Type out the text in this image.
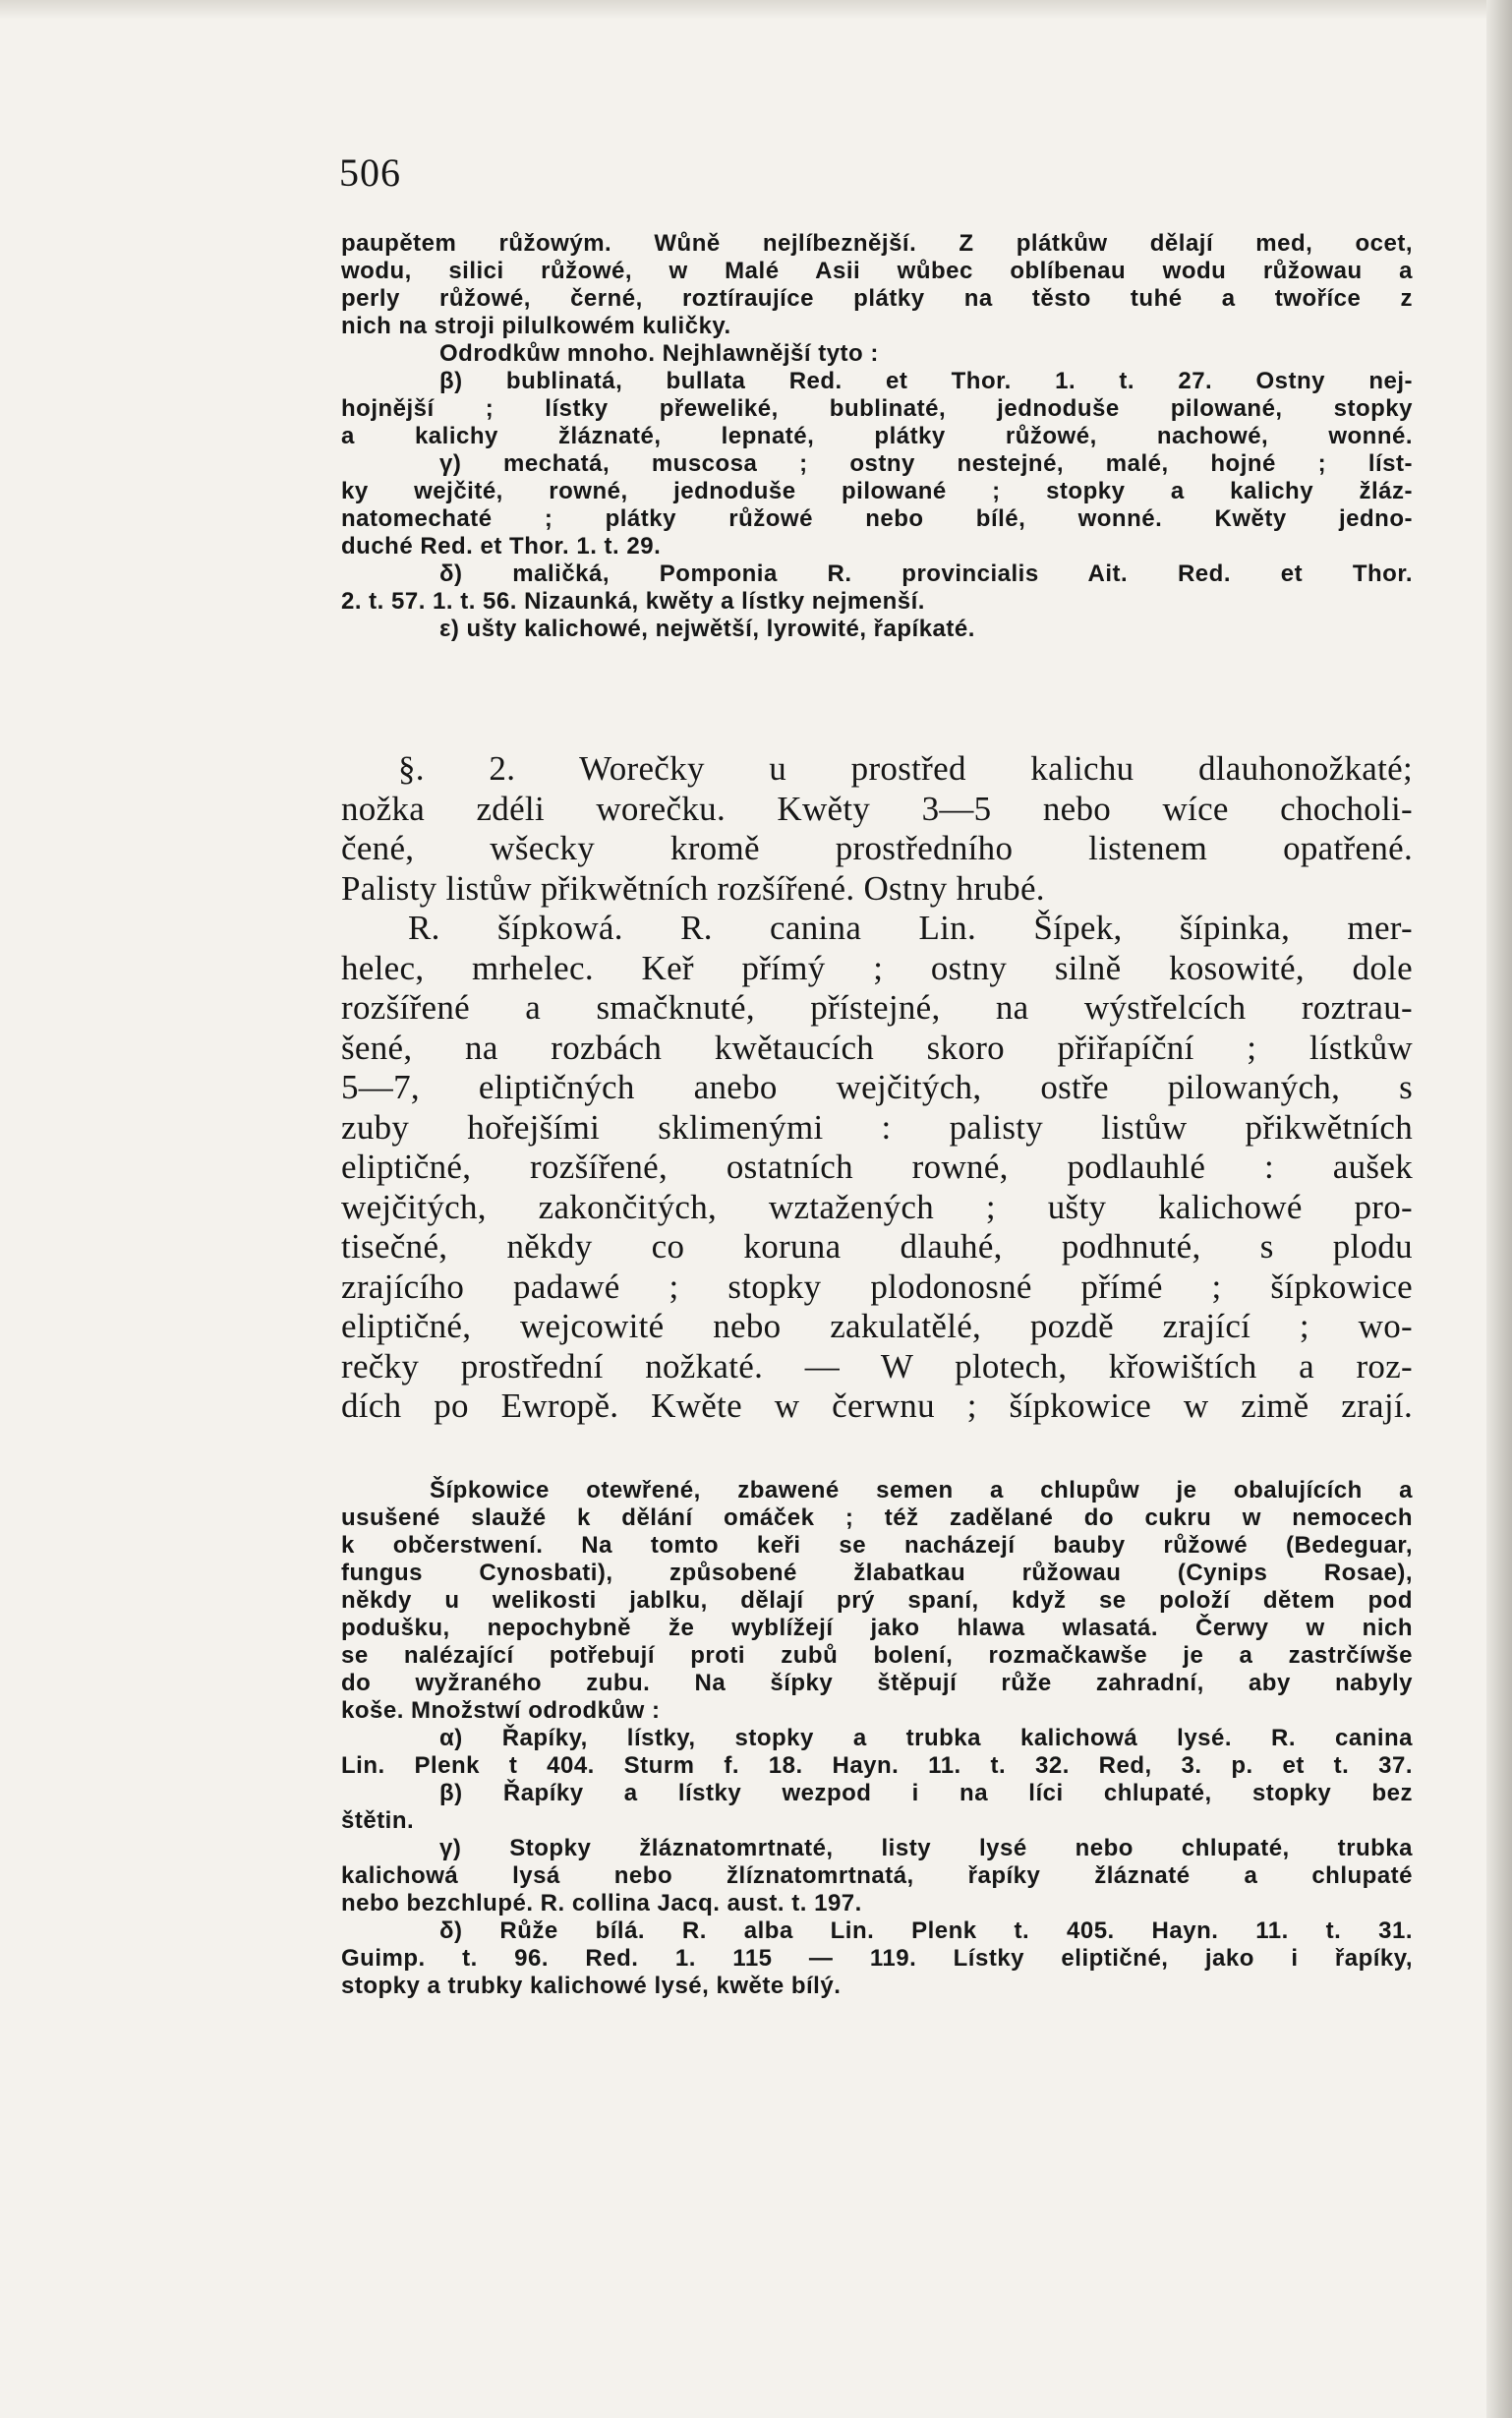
506
paupětem růžowým. Wůně nejlíbeznější. Z plátkůw dělají med, ocet,
wodu, silici růžowé, w Malé Asii wůbec oblíbenau wodu růžowau a
perly růžowé, černé, roztíraujíce plátky na těsto tuhé a twoříce z
nich na stroji pilulkowém kuličky.
Odrodkůw mnoho. Nejhlawnější tyto :
β) bublinatá, bullata Red. et Thor. 1. t. 27. Ostny nej-
hojnější ; lístky přeweliké, bublinaté, jednoduše pilowané, stopky
a kalichy žláznaté, lepnaté, plátky růžowé, nachowé, wonné.
γ) mechatá, muscosa ; ostny nestejné, malé, hojné ; líst-
ky wejčité, rowné, jednoduše pilowané ; stopky a kalichy žláz-
natomechaté ; plátky růžowé nebo bílé, wonné. Kwěty jedno-
duché Red. et Thor. 1. t. 29.
δ) maličká, Pomponia R. provincialis Ait. Red. et Thor.
2. t. 57. 1. t. 56. Nizaunká, kwěty a lístky nejmenší.
ε) ušty kalichowé, nejwětší, lyrowité, řapíkaté.
§. 2. Worečky u prostřed kalichu dlauhonožkaté;
nožka zdéli worečku. Kwěty 3—5 nebo wíce chocholi-
čené, wšecky kromě prostředního listenem opatřené.
Palisty listůw přikwětních rozšířené. Ostny hrubé.
R. šípkowá. R. canina Lin. Šípek, šípinka, mer-
helec, mrhelec. Keř přímý ; ostny silně kosowité, dole
rozšířené a smačknuté, přístejné, na wýstřelcích roztrau-
šené, na rozbách kwětaucích skoro přiřapíční ; lístkůw
5—7, eliptičných anebo wejčitých, ostře pilowaných, s
zuby hořejšími sklimenými : palisty listůw přikwětních
eliptičné, rozšířené, ostatních rowné, podlauhlé : aušek
wejčitých, zakončitých, wztažených ; ušty kalichowé pro-
tisečné, někdy co koruna dlauhé, podhnuté, s plodu
zrajícího padawé ; stopky plodonosné přímé ; šípkowice
eliptičné, wejcowité nebo zakulatělé, pozdě zrající ; wo-
rečky prostřední nožkaté. — W plotech, křowištích a roz-
dích po Ewropě. Kwěte w čerwnu ; šípkowice w zimě zrají.
Šípkowice otewřené, zbawené semen a chlupůw je obalujících a
usušené slaužé k dělání omáček ; též zadělané do cukru w nemocech
k občerstwení. Na tomto keři se nacházejí bauby růžowé (Bedeguar,
fungus Cynosbati), způsobené žlabatkau růžowau (Cynips Rosae),
někdy u welikosti jablku, dělají prý spaní, když se položí dětem pod
podušku, nepochybně že wyblížejí jako hlawa wlasatá. Čerwy w nich
se nalézající potřebují proti zubů bolení, rozmačkawše je a zastrčíwše
do wyžraného zubu. Na šípky štěpují růže zahradní, aby nabyly
koše. Množstwí odrodkůw :
α) Řapíky, lístky, stopky a trubka kalichowá lysé. R. canina
Lin. Plenk t 404. Sturm f. 18. Hayn. 11. t. 32. Red, 3. p. et t. 37.
β) Řapíky a lístky wezpod i na líci chlupaté, stopky bez
štětin.
γ) Stopky žláznatomrtnaté, listy lysé nebo chlupaté, trubka
kalichowá lysá nebo žlíznatomrtnatá, řapíky žláznaté a chlupaté
nebo bezchlupé. R. collina Jacq. aust. t. 197.
δ) Růže bílá. R. alba Lin. Plenk t. 405. Hayn. 11. t. 31.
Guimp. t. 96. Red. 1. 115 — 119. Lístky eliptičné, jako i řapíky,
stopky a trubky kalichowé lysé, kwěte bílý.
